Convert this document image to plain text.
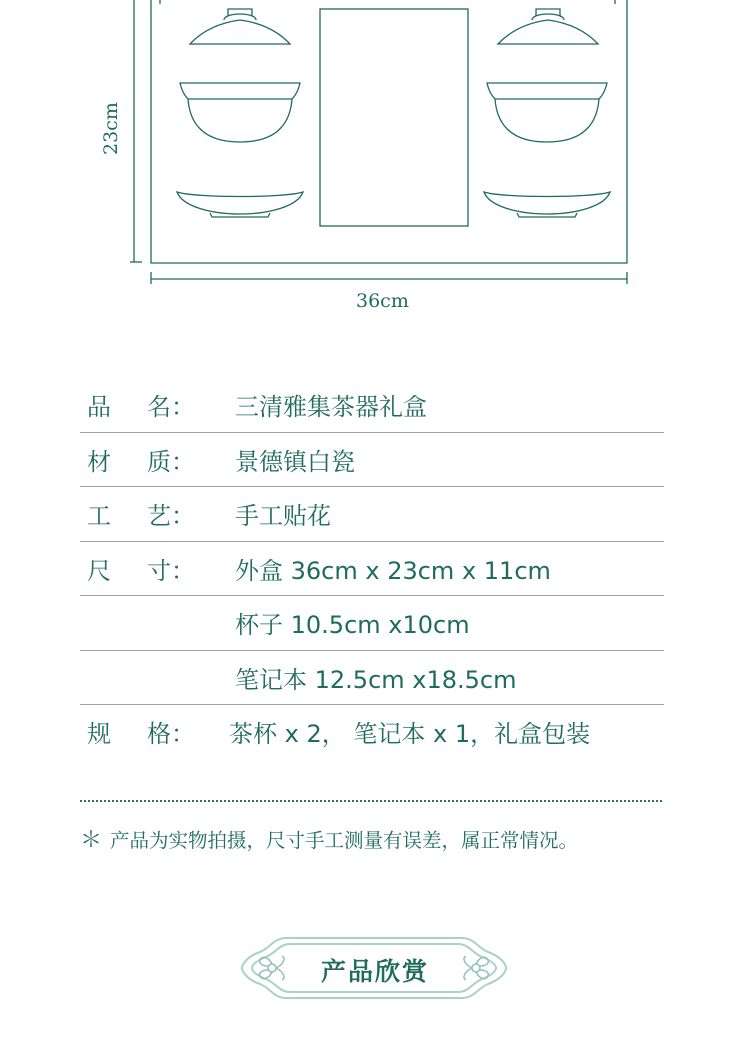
36cm
23cm
品 名： 三清雅集茶器礼盒
材 质： 景德镇白瓷
工 艺： 手工贴花
尺 寸： 外盒 36cm x 23cm x 11cm
杯子 10.5cm x10cm
笔记本 12.5cm x18.5cm
规 格： 茶杯 x 2， 笔记本 x 1，礼盒包装
＊ 产品为实物拍摄，尺寸手工测量有误差，属正常情况。
产品欣赏
